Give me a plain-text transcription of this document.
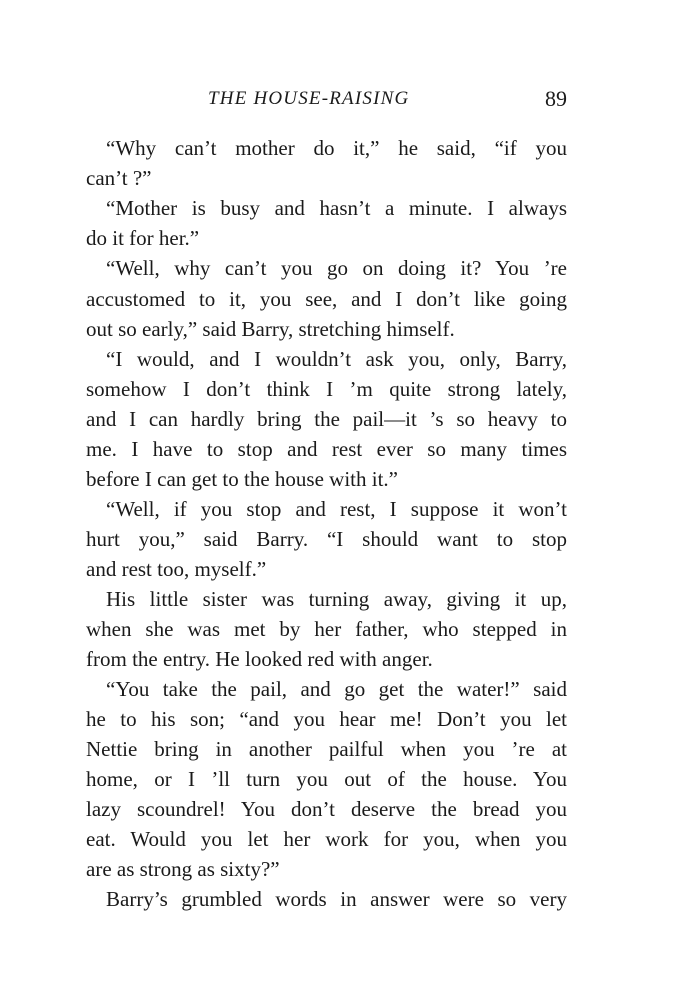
THE HOUSE-RAISING	89
“Why can’t mother do it,” he said, “if you
can’t ?”
“Mother is busy and hasn’t a minute. I always
do it for her.”
“Well, why can’t you go on doing it? You ’re
accustomed to it, you see, and I don’t like going
out so early,” said Barry, stretching himself.
“I would, and I wouldn’t ask you, only, Barry,
somehow I don’t think I ’m quite strong lately,
and I can hardly bring the pail—it ’s so heavy to
me. I have to stop and rest ever so many times
before I can get to the house with it.”
“Well, if you stop and rest, I suppose it won’t
hurt you,” said Barry. “I should want to stop
and rest too, myself.”
His little sister was turning away, giving it up,
when she was met by her father, who stepped in
from the entry. He looked red with anger.
“You take the pail, and go get the water!” said
he to his son; “and you hear me! Don’t you let
Nettie bring in another pailful when you ’re at
home, or I ’ll turn you out of the house. You
lazy scoundrel! You don’t deserve the bread you
eat. Would you let her work for you, when you
are as strong as sixty?”
Barry’s grumbled words in answer were so very
